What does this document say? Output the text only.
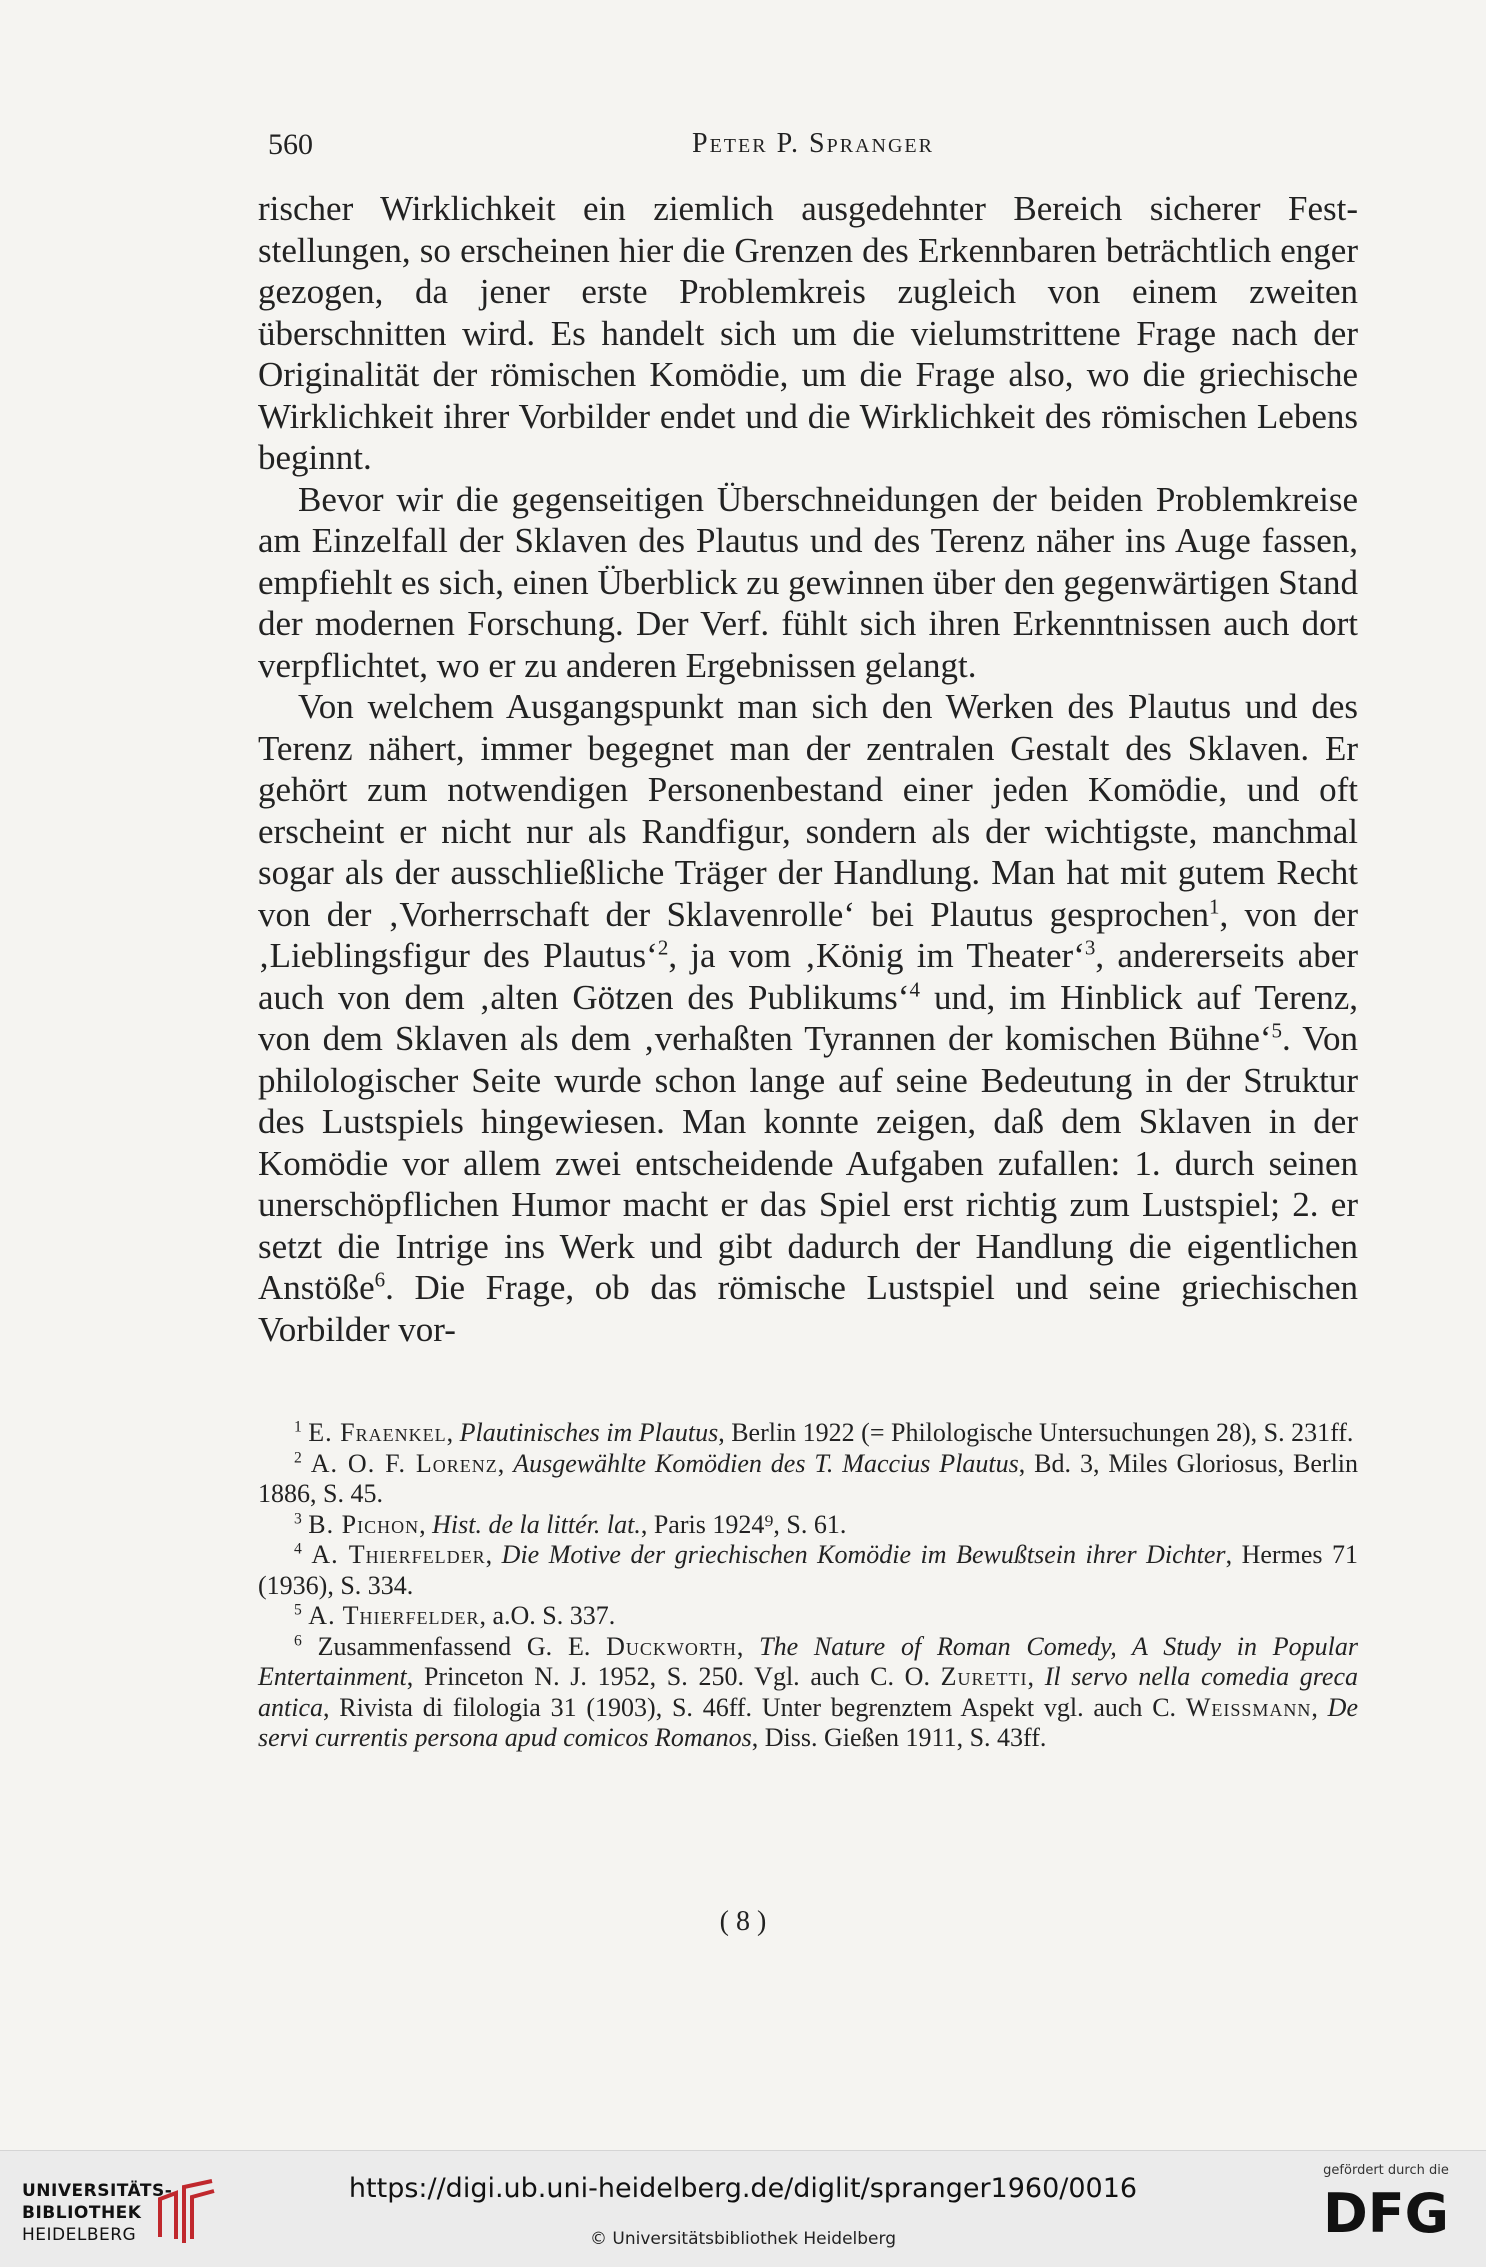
560	Peter P. Spranger

rischer Wirklichkeit ein ziemlich ausgedehnter Bereich sicherer Feststellungen, so erscheinen hier die Grenzen des Erkennbaren beträchtlich enger gezogen, da jener erste Problemkreis zugleich von einem zweiten überschnitten wird. Es handelt sich um die vielumstrittene Frage nach der Originalität der römischen Komödie, um die Frage also, wo die griechische Wirklichkeit ihrer Vorbilder endet und die Wirklichkeit des römischen Lebens beginnt.

Bevor wir die gegenseitigen Überschneidungen der beiden Problemkreise am Einzelfall der Sklaven des Plautus und des Terenz näher ins Auge fassen, empfiehlt es sich, einen Überblick zu gewinnen über den gegenwärtigen Stand der modernen Forschung. Der Verf. fühlt sich ihren Erkenntnissen auch dort verpflichtet, wo er zu anderen Ergebnissen gelangt.

Von welchem Ausgangspunkt man sich den Werken des Plautus und des Terenz nähert, immer begegnet man der zentralen Gestalt des Sklaven. Er gehört zum notwendigen Personenbestand einer jeden Komödie, und oft erscheint er nicht nur als Randfigur, sondern als der wichtigste, manchmal sogar als der ausschließliche Träger der Handlung. Man hat mit gutem Recht von der ‚Vorherrschaft der Sklavenrolle‘ bei Plautus gesprochen$^1$, von der ‚Lieblingsfigur des Plautus‘$^2$, ja vom ‚König im Theater‘$^3$, andererseits aber auch von dem ‚alten Götzen des Publikums‘$^4$ und, im Hinblick auf Terenz, von dem Sklaven als dem ‚verhaßten Tyrannen der komischen Bühne‘$^5$. Von philologischer Seite wurde schon lange auf seine Bedeutung in der Struktur des Lustspiels hingewiesen. Man konnte zeigen, daß dem Sklaven in der Komödie vor allem zwei entscheidende Aufgaben zufallen: 1. durch seinen unerschöpflichen Humor macht er das Spiel erst richtig zum Lustspiel; 2. er setzt die Intrige ins Werk und gibt dadurch der Handlung die eigentlichen Anstöße$^6$. Die Frage, ob das römische Lustspiel und seine griechischen Vorbilder vor-

$^1$ E. Fraenkel, Plautinisches im Plautus, Berlin 1922 (= Philologische Untersuchungen 28), S. 231ff.

$^2$ A. O. F. Lorenz, Ausgewählte Komödien des T. Maccius Plautus, Bd. 3, Miles Gloriosus, Berlin 1886, S. 45.

$^3$ B. Pichon, Hist. de la littér. lat., Paris 1924⁹, S. 61.

$^4$ A. Thierfelder, Die Motive der griechischen Komödie im Bewußtsein ihrer Dichter, Hermes 71 (1936), S. 334.

$^5$ A. Thierfelder, a.O. S. 337.

$^6$ Zusammenfassend G. E. Duckworth, The Nature of Roman Comedy, A Study in Popular Entertainment, Princeton N. J. 1952, S. 250. Vgl. auch C. O. Zuretti, Il servo nella comedia greca antica, Rivista di filologia 31 (1903), S. 46ff. Unter begrenztem Aspekt vgl. auch C. Weissmann, De servi currentis persona apud comicos Romanos, Diss. Gießen 1911, S. 43ff.

( 8 )
UNIVERSITÄTS-
BIBLIOTHEK
HEIDELBERG
https://digi.ub.uni-heidelberg.de/diglit/spranger1960/0016
© Universitätsbibliothek Heidelberg
gefördert durch die
DFG
